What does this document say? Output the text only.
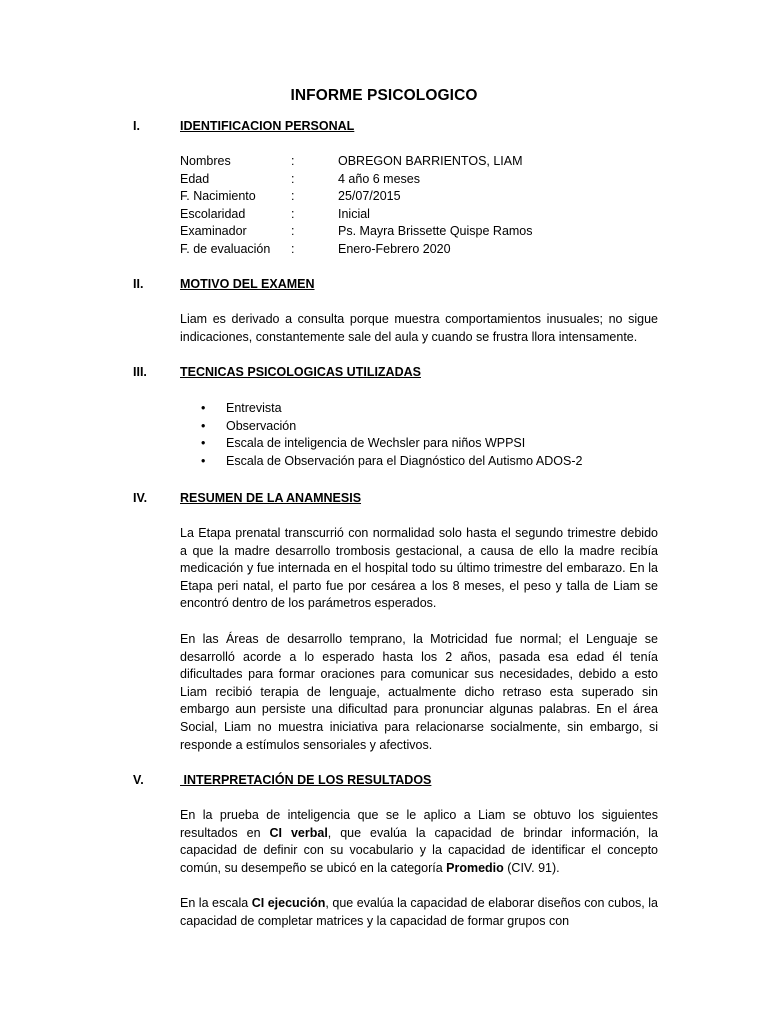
INFORME PSICOLOGICO
I.	IDENTIFICACION PERSONAL
Nombres	:	OBREGON BARRIENTOS, LIAM
Edad	:	4 año 6 meses
F. Nacimiento	:	25/07/2015
Escolaridad	:	Inicial
Examinador	:	Ps. Mayra Brissette Quispe Ramos
F. de evaluación :	Enero-Febrero 2020
II.	MOTIVO DEL EXAMEN
Liam es derivado a consulta porque muestra comportamientos inusuales; no sigue indicaciones, constantemente sale del aula y cuando se frustra llora intensamente.
III.	TECNICAS PSICOLOGICAS UTILIZADAS
• Entrevista
• Observación
• Escala de inteligencia de Wechsler para niños WPPSI
• Escala de Observación para el Diagnóstico del Autismo ADOS-2
IV.	RESUMEN DE LA ANAMNESIS
La Etapa prenatal transcurrió con normalidad solo hasta el segundo trimestre debido a que la madre desarrollo trombosis gestacional, a causa de ello la madre recibía medicación y fue internada en el hospital todo su último trimestre del embarazo. En la Etapa peri natal, el parto fue por cesárea a los 8 meses, el peso y talla de Liam se encontró dentro de los parámetros esperados.
En las Áreas de desarrollo temprano, la Motricidad fue normal; el Lenguaje se desarrolló acorde a lo esperado hasta los 2 años, pasada esa edad él tenía dificultades para formar oraciones para comunicar sus necesidades, debido a esto Liam recibió terapia de lenguaje, actualmente dicho retraso esta superado sin embargo aun persiste una dificultad para pronunciar algunas palabras. En el área Social, Liam no muestra iniciativa para relacionarse socialmente, sin embargo, si responde a estímulos sensoriales y afectivos.
V.	INTERPRETACIÓN DE LOS RESULTADOS
En la prueba de inteligencia que se le aplico a Liam se obtuvo los siguientes resultados en CI verbal, que evalúa la capacidad de brindar información, la capacidad de definir con su vocabulario y la capacidad de identificar el concepto común, su desempeño se ubicó en la categoría Promedio (CIV. 91).
En la escala CI ejecución, que evalúa la capacidad de elaborar diseños con cubos, la capacidad de completar matrices y la capacidad de formar grupos con
